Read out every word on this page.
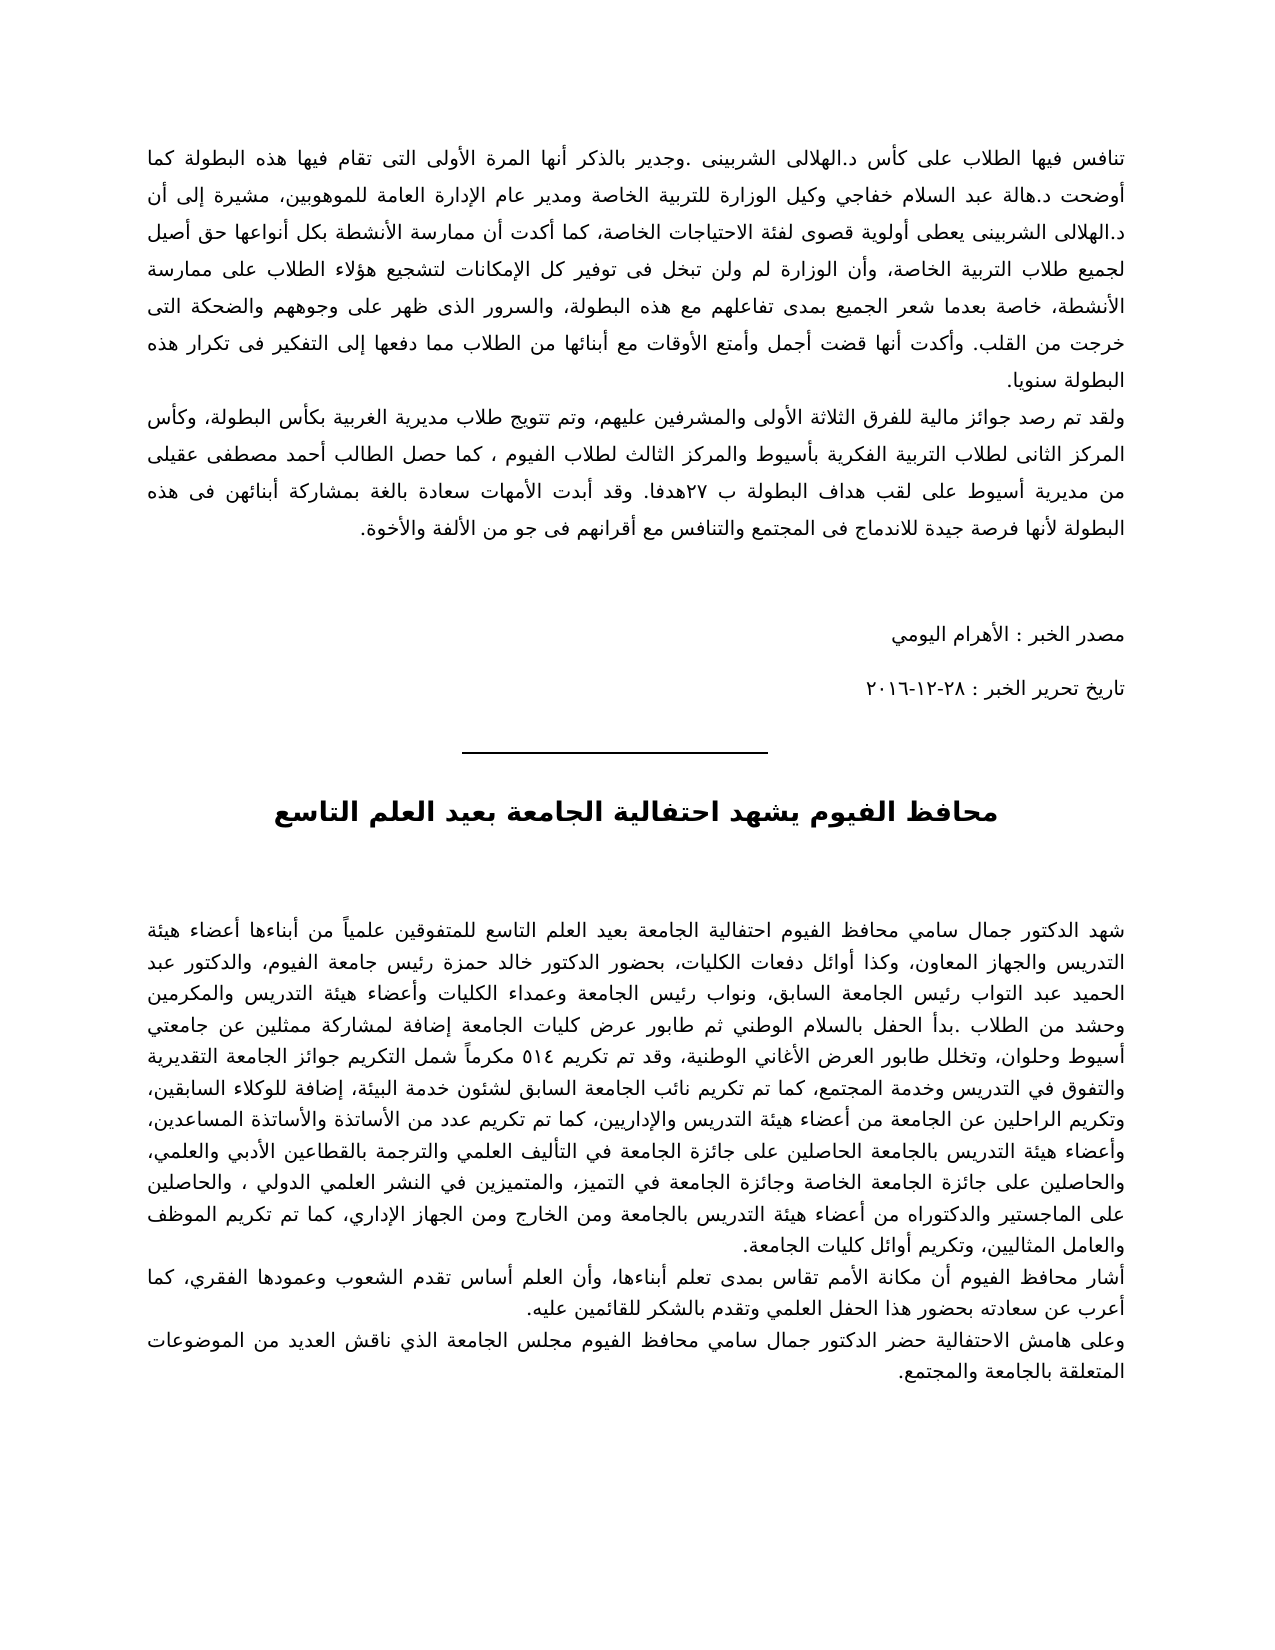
تنافس فيها الطلاب على كأس د.الهلالى الشربينى .وجدير بالذكر أنها المرة الأولى التى تقام فيها هذه البطولة كما أوضحت د.هالة عبد السلام خفاجي وكيل الوزارة للتربية الخاصة ومدير عام الإدارة العامة للموهوبين، مشيرة إلى أن د.الهلالى الشربينى يعطى أولوية قصوى لفئة الاحتياجات الخاصة، كما أكدت أن ممارسة الأنشطة بكل أنواعها حق أصيل لجميع طلاب التربية الخاصة، وأن الوزارة لم ولن تبخل فى توفير كل الإمكانات لتشجيع هؤلاء الطلاب على ممارسة الأنشطة، خاصة بعدما شعر الجميع بمدى تفاعلهم مع هذه البطولة، والسرور الذى ظهر على وجوههم والضحكة التى خرجت من القلب. وأكدت أنها قضت أجمل وأمتع الأوقات مع أبنائها من الطلاب مما دفعها إلى التفكير فى تكرار هذه البطولة سنويا.

ولقد تم رصد جوائز مالية للفرق الثلاثة الأولى والمشرفين عليهم، وتم تتويج طلاب مديرية الغربية بكأس البطولة، وكأس المركز الثانى لطلاب التربية الفكرية بأسيوط والمركز الثالث لطلاب الفيوم ، كما حصل الطالب أحمد مصطفى عقيلى من مديرية أسيوط على لقب هداف البطولة ب ٢٧هدفا. وقد أبدت الأمهات سعادة بالغة بمشاركة أبنائهن فى هذه البطولة لأنها فرصة جيدة للاندماج فى المجتمع والتنافس مع أقرانهم فى جو من الألفة والأخوة.

مصدر الخبر : الأهرام اليومي
تاريخ تحرير الخبر : ٢٨-١٢-٢٠١٦
محافظ الفيوم يشهد احتفالية الجامعة بعيد العلم التاسع

شهد الدكتور جمال سامي محافظ الفيوم احتفالية الجامعة بعيد العلم التاسع للمتفوقين علمياً من أبناءها أعضاء هيئة التدريس والجهاز المعاون، وكذا أوائل دفعات الكليات، بحضور الدكتور خالد حمزة رئيس جامعة الفيوم، والدكتور عبد الحميد عبد التواب رئيس الجامعة السابق، ونواب رئيس الجامعة وعمداء الكليات وأعضاء هيئة التدريس والمكرمين وحشد من الطلاب .بدأ الحفل بالسلام الوطني ثم طابور عرض كليات الجامعة إضافة لمشاركة ممثلين عن جامعتي أسيوط وحلوان، وتخلل طابور العرض الأغاني الوطنية، وقد تم تكريم ٥١٤ مكرماً شمل التكريم جوائز الجامعة التقديرية والتفوق في التدريس وخدمة المجتمع، كما تم تكريم نائب الجامعة السابق لشئون خدمة البيئة، إضافة للوكلاء السابقين، وتكريم الراحلين عن الجامعة من أعضاء هيئة التدريس والإداريين، كما تم تكريم عدد من الأساتذة والأساتذة المساعدين، وأعضاء هيئة التدريس بالجامعة الحاصلين على جائزة الجامعة في التأليف العلمي والترجمة بالقطاعين الأدبي والعلمي، والحاصلين على جائزة الجامعة الخاصة وجائزة الجامعة في التميز، والمتميزين في النشر العلمي الدولي ، والحاصلين على الماجستير والدكتوراه من أعضاء هيئة التدريس بالجامعة ومن الخارج ومن الجهاز الإداري، كما تم تكريم الموظف والعامل المثاليين، وتكريم أوائل كليات الجامعة.

أشار محافظ الفيوم أن مكانة الأمم تقاس بمدى تعلم أبناءها، وأن العلم أساس تقدم الشعوب وعمودها الفقري، كما أعرب عن سعادته بحضور هذا الحفل العلمي وتقدم بالشكر للقائمين عليه.

وعلى هامش الاحتفالية حضر الدكتور جمال سامي محافظ الفيوم مجلس الجامعة الذي ناقش العديد من الموضوعات المتعلقة بالجامعة والمجتمع.
